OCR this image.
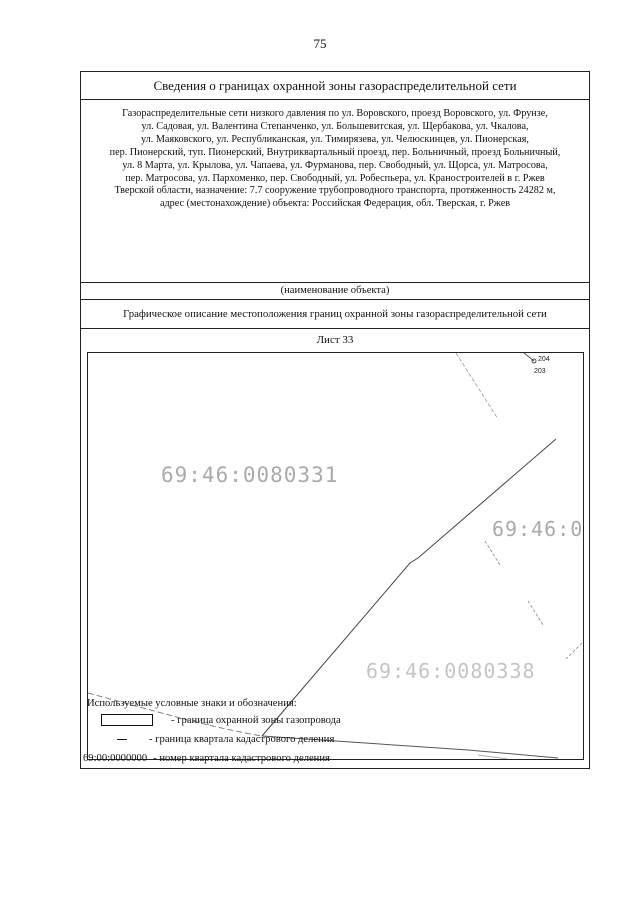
75
Сведения о границах охранной зоны газораспределительной сети
Газораспределительные сети низкого давления по ул. Воровского, проезд Воровского, ул. Фрунзе,
ул. Садовая, ул. Валентина Степанченко, ул. Большевитская, ул. Щербакова, ул. Чкалова,
ул. Маяковского, ул. Республиканская, ул. Тимирязева, ул. Челюскинцев, ул. Пионерская,
пер. Пионерский, туп. Пионерский, Внутриквартальный проезд, пер. Больничный, проезд Больничный,
ул. 8 Марта, ул. Крылова, ул. Чапаева, ул. Фурманова, пер. Свободный, ул. Щорса, ул. Матросова,
пер. Матросова, ул. Пархоменко, пер. Свободный, ул. Робеспьера, ул. Краностроителей в г. Ржев
Тверской области, назначение: 7.7 сооружение трубопроводного транспорта, протяженность 24282 м,
адрес (местонахождение) объекта: Российская Федерация, обл. Тверская, г. Ржев
(наименование объекта)
Графическое описание местоположения границ охранной зоны газораспределительной сети
Лист 33
69:46:0080331
69:46:0
69:46:0080338
204
203
Используемые условные знаки и обозначения:
- граница охранной зоны газопровода
- граница квартала кадастрового деления
69:00:0000000 - номер квартала кадастрового деления
